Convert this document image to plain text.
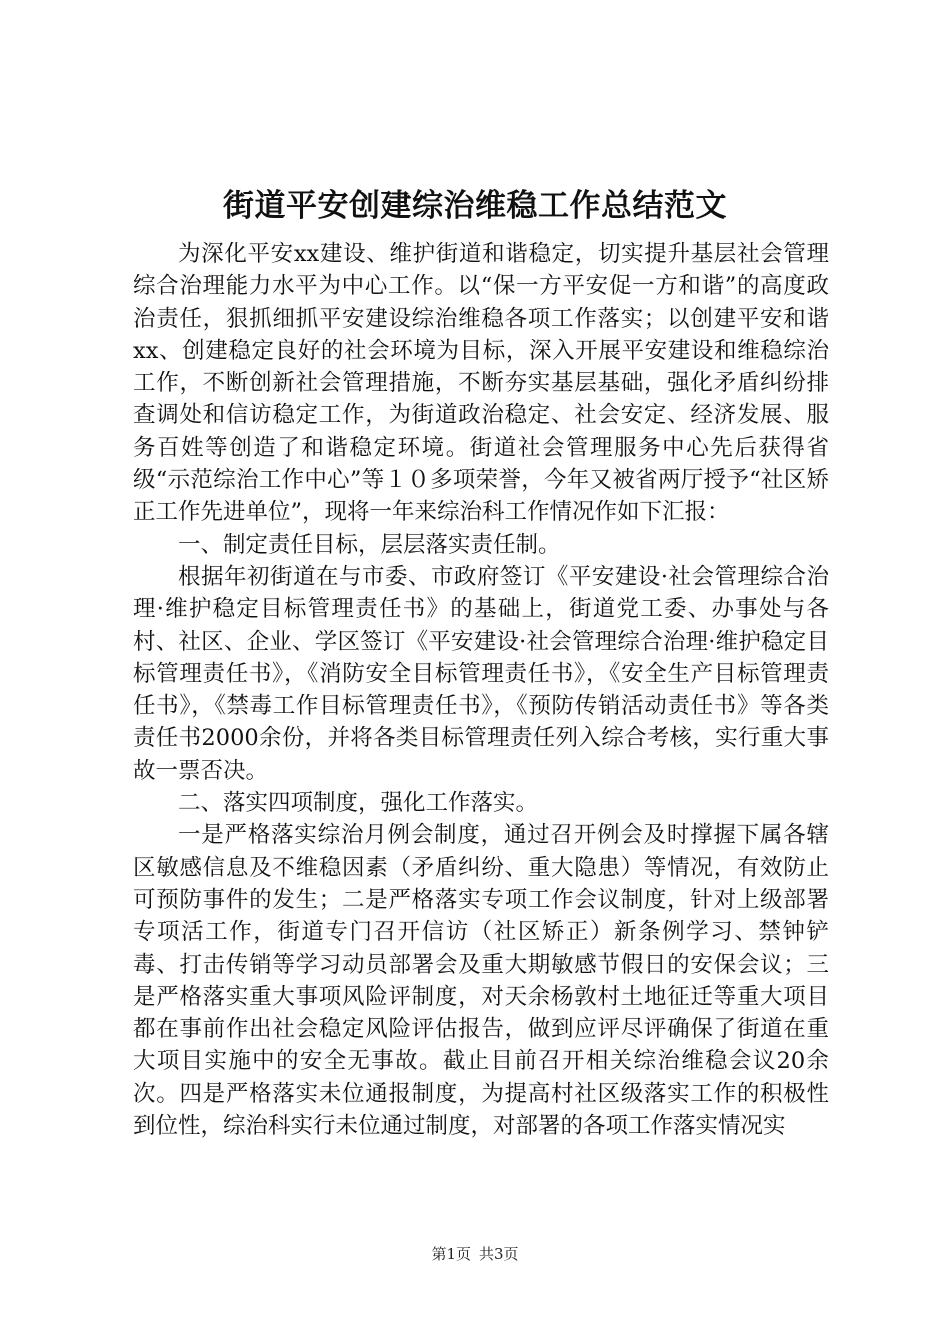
街道平安创建综治维稳工作总结范文

为深化平安xx建设、维护街道和谐稳定，切实提升基层社会管理综合治理能力水平为中心工作。以“保一方平安促一方和谐”的高度政治责任，狠抓细抓平安建设综治维稳各项工作落实；以创建平安和谐xx、创建稳定良好的社会环境为目标，深入开展平安建设和维稳综治工作，不断创新社会管理措施，不断夯实基层基础，强化矛盾纠纷排查调处和信访稳定工作，为街道政治稳定、社会安定、经济发展、服务百姓等创造了和谐稳定环境。街道社会管理服务中心先后获得省级“示范综治工作中心”等１０多项荣誉，今年又被省两厅授予“社区矫正工作先进单位”，现将一年来综治科工作情况作如下汇报：

一、制定责任目标，层层落实责任制。

根据年初街道在与市委、市政府签订《平安建设·社会管理综合治理·维护稳定目标管理责任书》的基础上，街道党工委、办事处与各村、社区、企业、学区签订《平安建设·社会管理综合治理·维护稳定目标管理责任书》，《消防安全目标管理责任书》，《安全生产目标管理责任书》，《禁毒工作目标管理责任书》，《预防传销活动责任书》等各类责任书2000余份，并将各类目标管理责任列入综合考核，实行重大事故一票否决。

二、落实四项制度，强化工作落实。

一是严格落实综治月例会制度，通过召开例会及时撑握下属各辖区敏感信息及不维稳因素（矛盾纠纷、重大隐患）等情况，有效防止可预防事件的发生；二是严格落实专项工作会议制度，针对上级部署专项活工作，街道专门召开信访（社区矫正）新条例学习、禁钟铲毒、打击传销等学习动员部署会及重大期敏感节假日的安保会议；三是严格落实重大事项风险评制度，对天余杨敦村土地征迁等重大项目都在事前作出社会稳定风险评估报告，做到应评尽评确保了街道在重大项目实施中的安全无事故。截止目前召开相关综治维稳会议20余次。四是严格落实未位通报制度，为提高村社区级落实工作的积极性到位性，综治科实行未位通过制度，对部署的各项工作落实情况实

第1页 共3页
